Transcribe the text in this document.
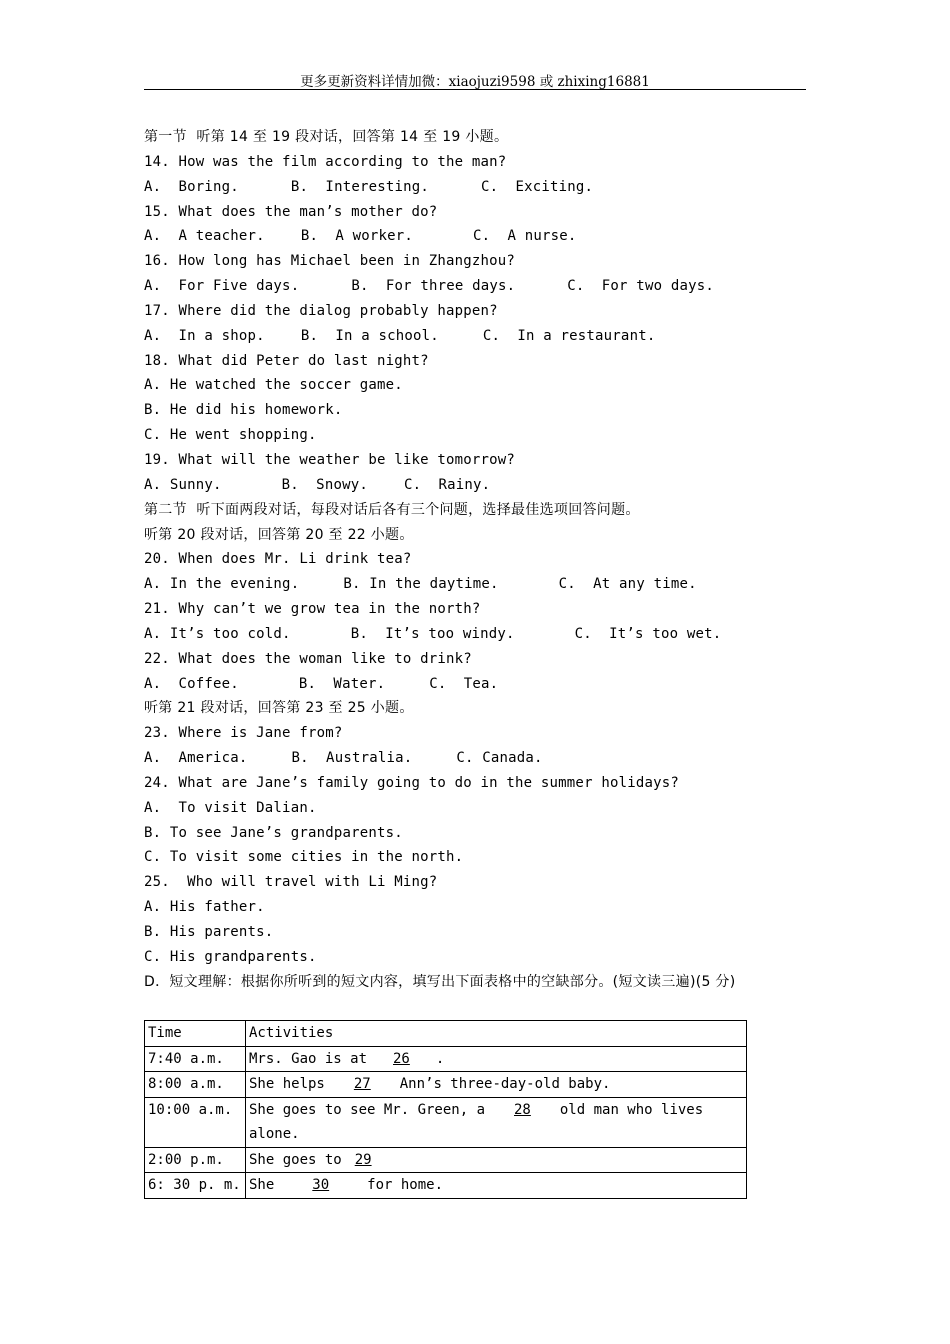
更多更新资料详情加微：xiaojuzi9598 或 zhixing16881
第一节  听第 14 至 19 段对话，回答第 14 至 19 小题。
14. How was the film according to the man?
A.  Boring.	B.  Interesting.	C.  Exciting.
15. What does the man’s mother do?
A.  A teacher.	B.  A worker.	C.  A nurse.
16. How long has Michael been in Zhangzhou?
A.  For Five days.	B.  For three days.	C.  For two days.
17. Where did the dialog probably happen?
A.  In a shop.	B.  In a school.	C.  In a restaurant.
18. What did Peter do last night?
A. He watched the soccer game.
B. He did his homework.
C. He went shopping.
19. What will the weather be like tomorrow?
A. Sunny.	B.  Snowy.	C.  Rainy.
第二节  听下面两段对话，每段对话后各有三个问题，选择最佳选项回答问题。
听第 20 段对话，回答第 20 至 22 小题。
20. When does Mr. Li drink tea?
A. In the evening.	B. In the daytime.	C.  At any time.
21. Why can’t we grow tea in the north?
A. It’s too cold.	B.  It’s too windy.	C.  It’s too wet.
22. What does the woman like to drink?
A.  Coffee.	B.  Water.	C.  Tea.
听第 21 段对话，回答第 23 至 25 小题。
23. Where is Jane from?
A.  America.	B.  Australia.	C. Canada.
24. What are Jane’s family going to do in the summer holidays?
A.  To visit Dalian.
B. To see Jane’s grandparents.
C. To visit some cities in the north.
25.  Who will travel with Li Ming?
A. His father.
B. His parents.
C. His grandparents.
D．短文理解：根据你所听到的短文内容，填写出下面表格中的空缺部分。(短文读三遍)(5 分)
Time	Activities
7:40 a.m.	Mrs. Gao is at 26 .
8:00 a.m.	She helps 27 Ann’s three-day-old baby.
10:00 a.m.	She goes to see Mr. Green, a 28 old man who lives alone.
2:00 p.m.	She goes to 29
6: 30 p. m.	She 30 for home.
